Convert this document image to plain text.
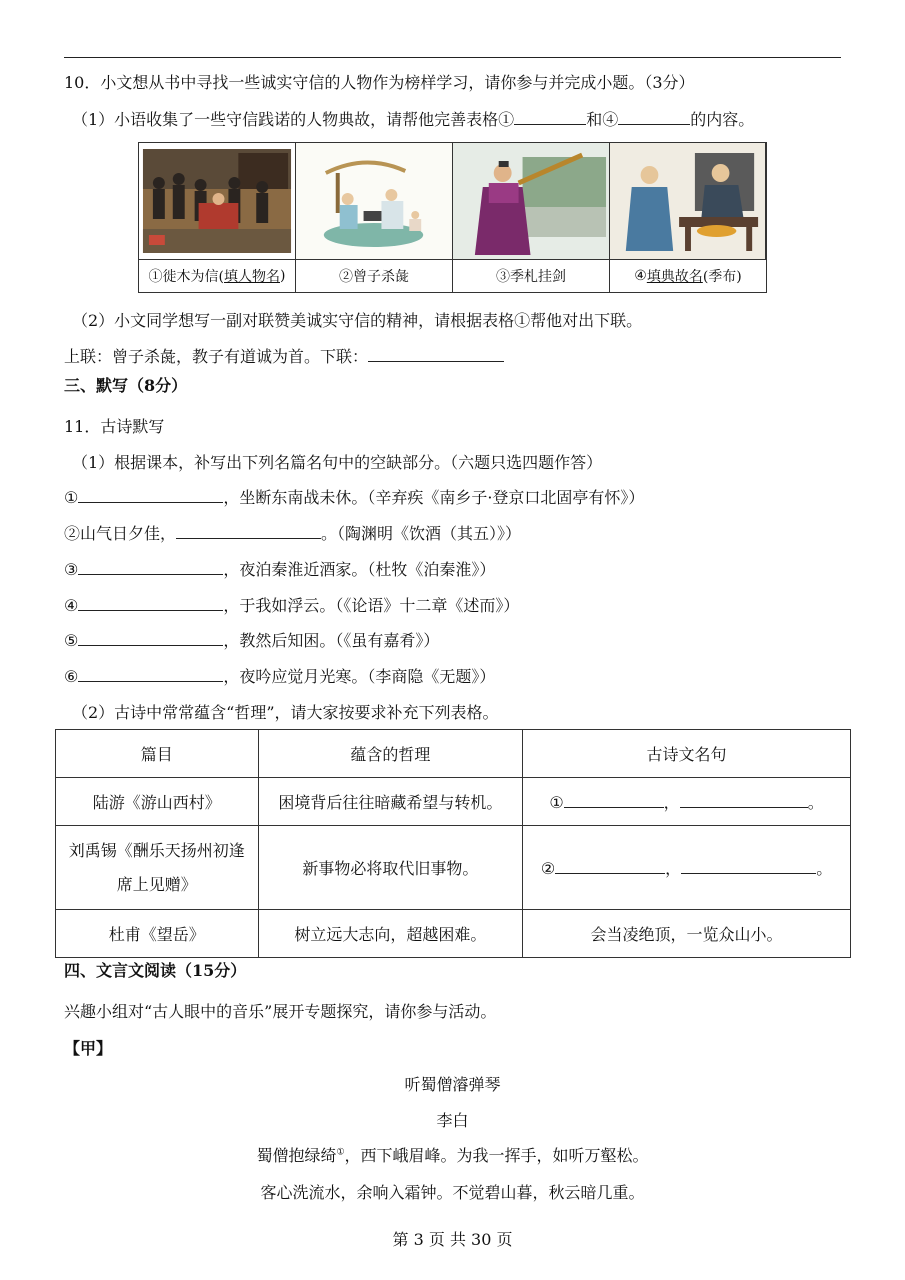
10．小文想从书中寻找一些诚实守信的人物作为榜样学习，请你参与并完成小题。（3分）
（1）小语收集了一些守信践诺的人物典故，请帮他完善表格①	和④	的内容。
①徙木为信( 填人物名 )	②曾子杀彘	③季札挂剑	④ 填典故名 (季布)
（2）小文同学想写一副对联赞美诚实守信的精神，请根据表格①帮他对出下联。
上联：曾子杀彘，教子有道诚为首。下联：
三、默写（8分）
11．古诗默写
（1）根据课本，补写出下列名篇名句中的空缺部分。（六题只选四题作答）
①	，坐断东南战未休。（辛弃疾《南乡子·登京口北固亭有怀》）
②山气日夕佳，	。（陶渊明《饮酒（其五）》）
③	，夜泊秦淮近酒家。（杜牧《泊秦淮》）
④	，于我如浮云。（《论语》十二章《述而》）
⑤	，教然后知困。（《虽有嘉肴》）
⑥	，夜吟应觉月光寒。（李商隐《无题》）
（2）古诗中常常蕴含“哲理”，请大家按要求补充下列表格。
篇目	蕴含的哲理	古诗文名句
陆游《游山西村》	困境背后往往暗藏希望与转机。	① ， 。
刘禹锡《酬乐天扬州初逢席上见赠》	新事物必将取代旧事物。	② ， 。
杜甫《望岳》	树立远大志向，超越困难。	会当凌绝顶，一览众山小。
四、文言文阅读（15分）
兴趣小组对“古人眼中的音乐”展开专题探究，请你参与活动。
【甲】
听蜀僧濬弹琴
李白
蜀僧抱绿绮①，西下峨眉峰。为我一挥手，如听万壑松。
客心洗流水，余响入霜钟。不觉碧山暮，秋云暗几重。
第 3 页 共 30 页
